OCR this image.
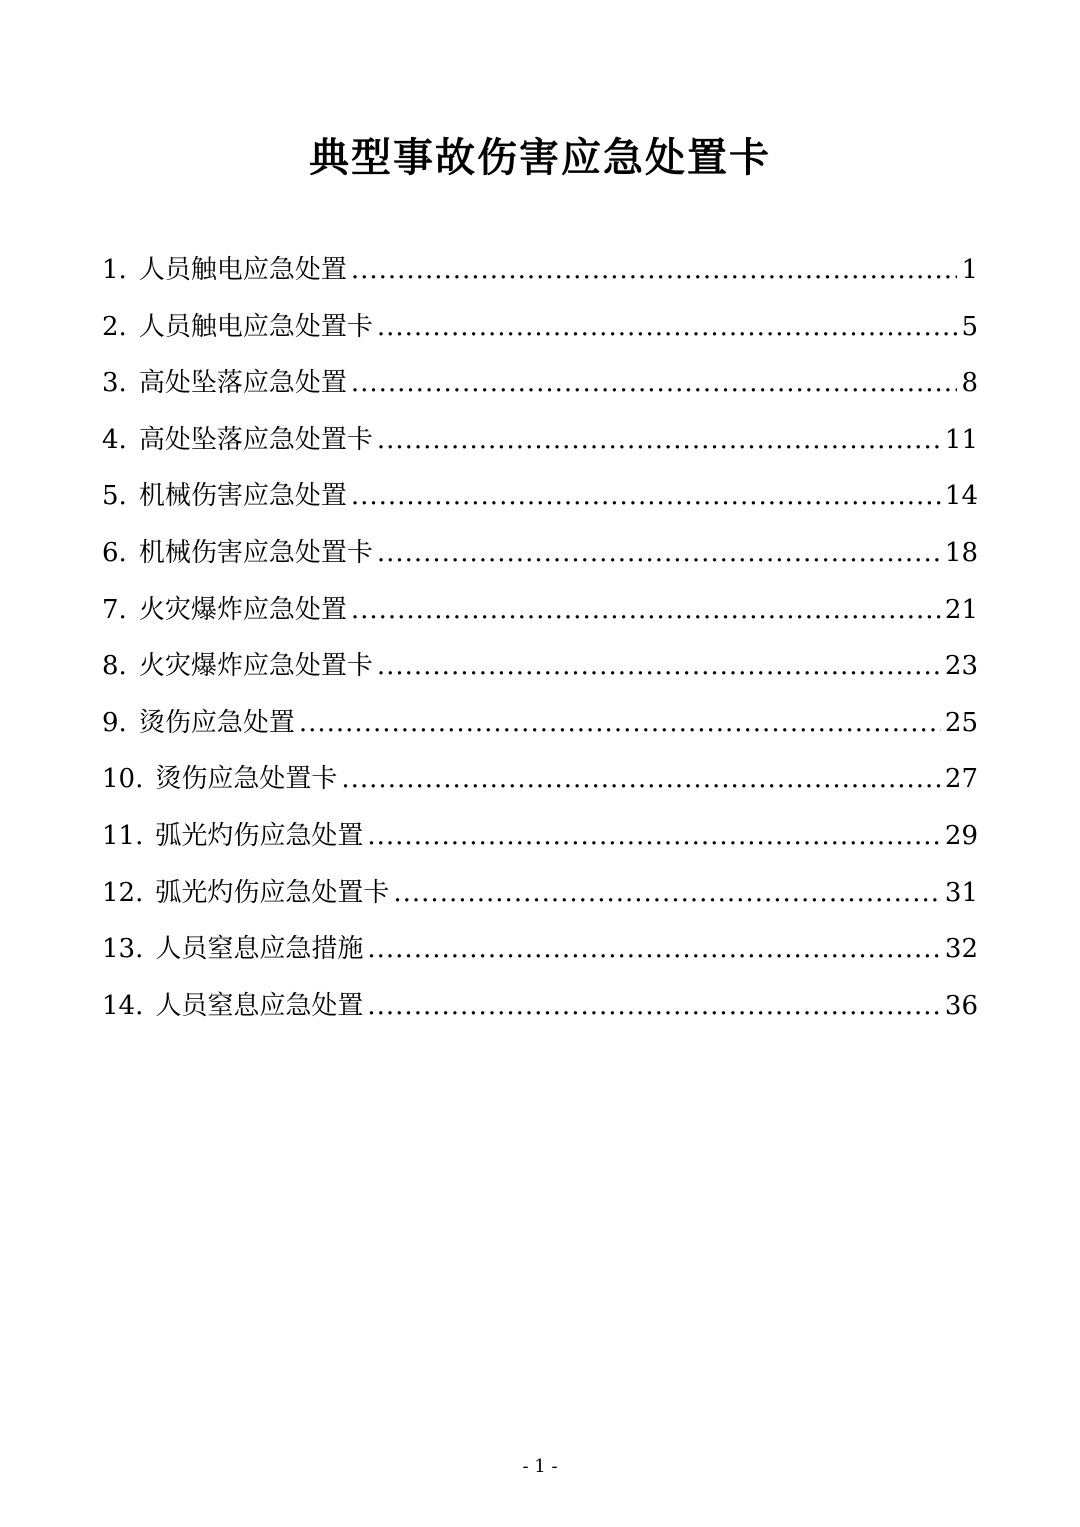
典型事故伤害应急处置卡
1. 人员触电应急处置 .....	1
2. 人员触电应急处置卡 .....	5
3. 高处坠落应急处置 .....	8
4. 高处坠落应急处置卡 .....	11
5. 机械伤害应急处置 .....	14
6. 机械伤害应急处置卡 .....	18
7. 火灾爆炸应急处置 .....	21
8. 火灾爆炸应急处置卡 .....	23
9. 烫伤应急处置 .....	25
10. 烫伤应急处置卡 .....	27
11. 弧光灼伤应急处置 .....	29
12. 弧光灼伤应急处置卡 .....	31
13. 人员窒息应急措施 .....	32
14. 人员窒息应急处置 .....	36
- 1 -
